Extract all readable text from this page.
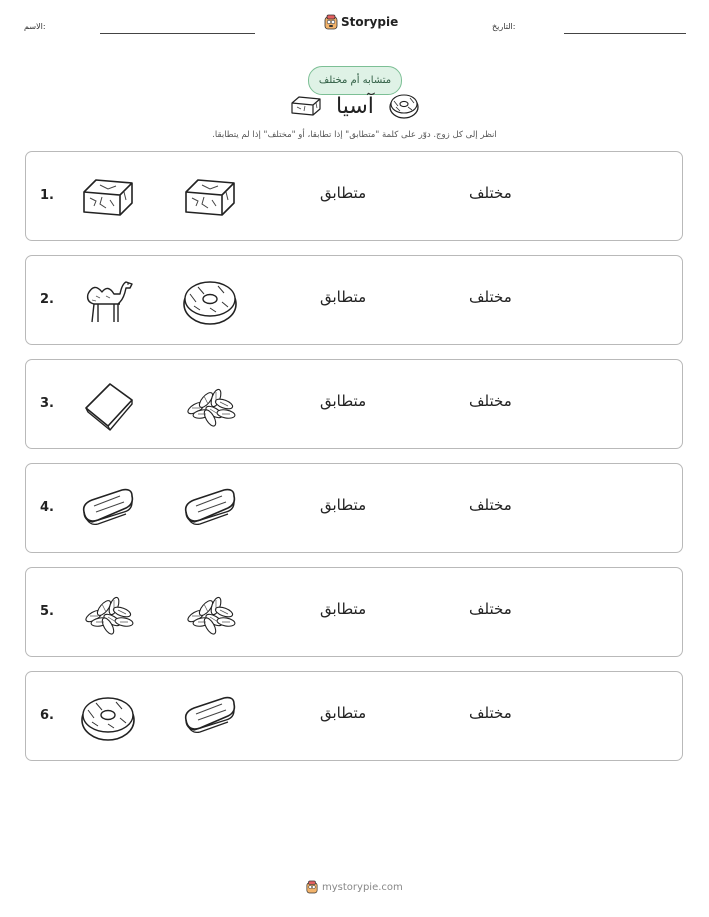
الاسم:	Storypie	التاريخ:
متشابه أم مختلف
آسيا
انظر إلى كل زوج. دوّر على كلمة "متطابق" إذا تطابقا، أو "مختلف" إذا لم يتطابقا.
1.	متطابق	مختلف
2.	متطابق	مختلف
3.	متطابق	مختلف
4.	متطابق	مختلف
5.	متطابق	مختلف
6.	متطابق	مختلف
mystorypie.com
